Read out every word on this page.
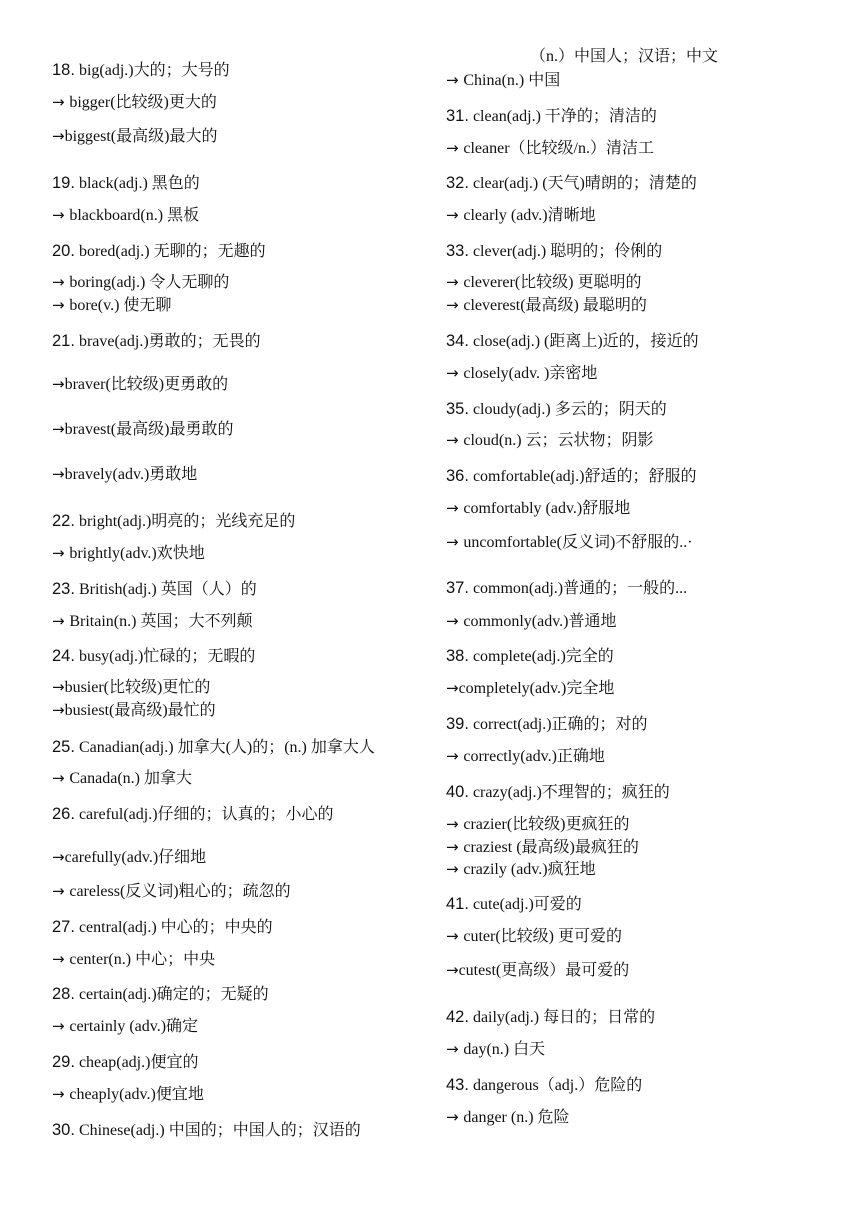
18. big(adj.)大的；大号的
→ bigger(比较级)更大的
→biggest(最高级)最大的
19. black(adj.) 黑色的
→ blackboard(n.) 黑板
20. bored(adj.) 无聊的；无趣的
→ boring(adj.) 令人无聊的
→ bore(v.) 使无聊
21. brave(adj.)勇敢的；无畏的
→braver(比较级)更勇敢的
→bravest(最高级)最勇敢的
→bravely(adv.)勇敢地
22. bright(adj.)明亮的；光线充足的
→ brightly(adv.)欢快地
23. British(adj.) 英国（人）的
→ Britain(n.) 英国；大不列颠
24. busy(adj.)忙碌的；无暇的
→busier(比较级)更忙的
→busiest(最高级)最忙的
25. Canadian(adj.) 加拿大(人)的；(n.) 加拿大人
→ Canada(n.) 加拿大
26. careful(adj.)仔细的；认真的；小心的
→carefully(adv.)仔细地
→ careless(反义词)粗心的；疏忽的
27. central(adj.) 中心的；中央的
→ center(n.) 中心；中央
28. certain(adj.)确定的；无疑的
→ certainly (adv.)确定
29. cheap(adj.)便宜的
→ cheaply(adv.)便宜地
30. Chinese(adj.) 中国的；中国人的；汉语的
（n.）中国人；汉语；中文
→ China(n.) 中国
31. clean(adj.) 干净的；清洁的
→ cleaner（比较级/n.）清洁工
32. clear(adj.) (天气)晴朗的；清楚的
→ clearly (adv.)清晰地
33. clever(adj.) 聪明的；伶俐的
→ cleverer(比较级) 更聪明的
→ cleverest(最高级) 最聪明的
34. close(adj.) (距离上)近的，接近的
→ closely(adv. )亲密地
35. cloudy(adj.) 多云的；阴天的
→ cloud(n.) 云；云状物；阴影
36. comfortable(adj.)舒适的；舒服的
→ comfortably (adv.)舒服地
→ uncomfortable(反义词)不舒服的..·
37. common(adj.)普通的；一般的...
→ commonly(adv.)普通地
38. complete(adj.)完全的
→completely(adv.)完全地
39. correct(adj.)正确的；对的
→ correctly(adv.)正确地
40. crazy(adj.)不理智的；疯狂的
→ crazier(比较级)更疯狂的
→ craziest (最高级)最疯狂的
→ crazily (adv.)疯狂地
41. cute(adj.)可爱的
→ cuter(比较级) 更可爱的
→cutest(更高级）最可爱的
42. daily(adj.) 每日的；日常的
→ day(n.) 白天
43. dangerous（adj.）危险的
→ danger (n.) 危险
